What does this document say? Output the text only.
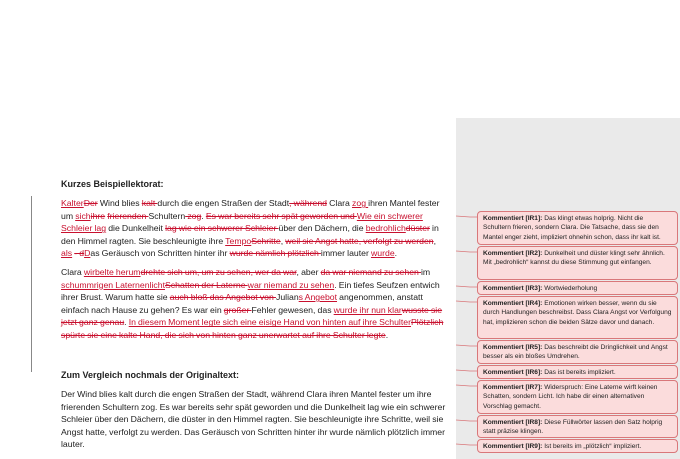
Kurzes Beispiellektorat:

KalterDer Wind blies kalt durch die engen Straßen der Stadt, während Clara zog ihren Mantel fester um sichihre frierenden Schultern zog. Es war bereits sehr spät geworden und Wie ein schwerer Schleier lag die Dunkelheit lag wie ein schwerer Schleier über den Dächern, die bedrohlichdüster in den Himmel ragten. Sie beschleunigte ihre TempoSchritte, weil sie Angst hatte, verfolgt zu werden, als - dDas Geräusch von Schritten hinter ihr wurde nämlich plötzlich immer lauter wurde.

Clara wirbelte herumdrehte sich um, um zu sehen, wer da war, aber da war niemand zu sehen im schummrigen LaternenlichtSchatten der Laterne war niemand zu sehen. Ein tiefes Seufzen entwich ihrer Brust. Warum hatte sie auch bloß das Angebot von Julians Angebot angenommen, anstatt einfach nach Hause zu gehen? Es war ein großer Fehler gewesen, das wurde ihr nun klarwusste sie jetzt ganz genau. In diesem Moment legte sich eine eisige Hand von hinten auf ihre SchulterPlötzlich spürte sie eine kalte Hand, die sich von hinten ganz unerwartet auf ihre Schulter legte.

Zum Vergleich nochmals der Originaltext:

Der Wind blies kalt durch die engen Straßen der Stadt, während Clara ihren Mantel fester um ihre frierenden Schultern zog. Es war bereits sehr spät geworden und die Dunkelheit lag wie ein schwerer Schleier über den Dächern, die düster in den Himmel ragten. Sie beschleunigte ihre Schritte, weil sie Angst hatte, verfolgt zu werden. Das Geräusch von Schritten hinter ihr wurde nämlich plötzlich immer lauter.

Kommentiert [IR1]: Das klingt etwas holprig. Nicht die Schultern frieren, sondern Clara. Die Tatsache, dass sie den Mantel enger zieht, impliziert ohnehin schon, dass ihr kalt ist.
Kommentiert [IR2]: Dunkelheit und düster klingt sehr ähnlich. Mit „bedrohlich“ kannst du diese Stimmung gut einfangen.
Kommentiert [IR3]: Wortwiederholung
Kommentiert [IR4]: Emotionen wirken besser, wenn du sie durch Handlungen beschreibst. Dass Clara Angst vor Verfolgung hat, implizieren schon die beiden Sätze davor und danach.
Kommentiert [IR5]: Das beschreibt die Dringlichkeit und Angst besser als ein bloßes Umdrehen.
Kommentiert [IR6]: Das ist bereits impliziert.
Kommentiert [IR7]: Widerspruch: Eine Laterne wirft keinen Schatten, sondern Licht. Ich habe dir einen alternativen Vorschlag gemacht.
Kommentiert [IR8]: Diese Füllwörter lassen den Satz holprig statt präzise klingen.
Kommentiert [IR9]: Ist bereits im „plötzlich“ impliziert.
